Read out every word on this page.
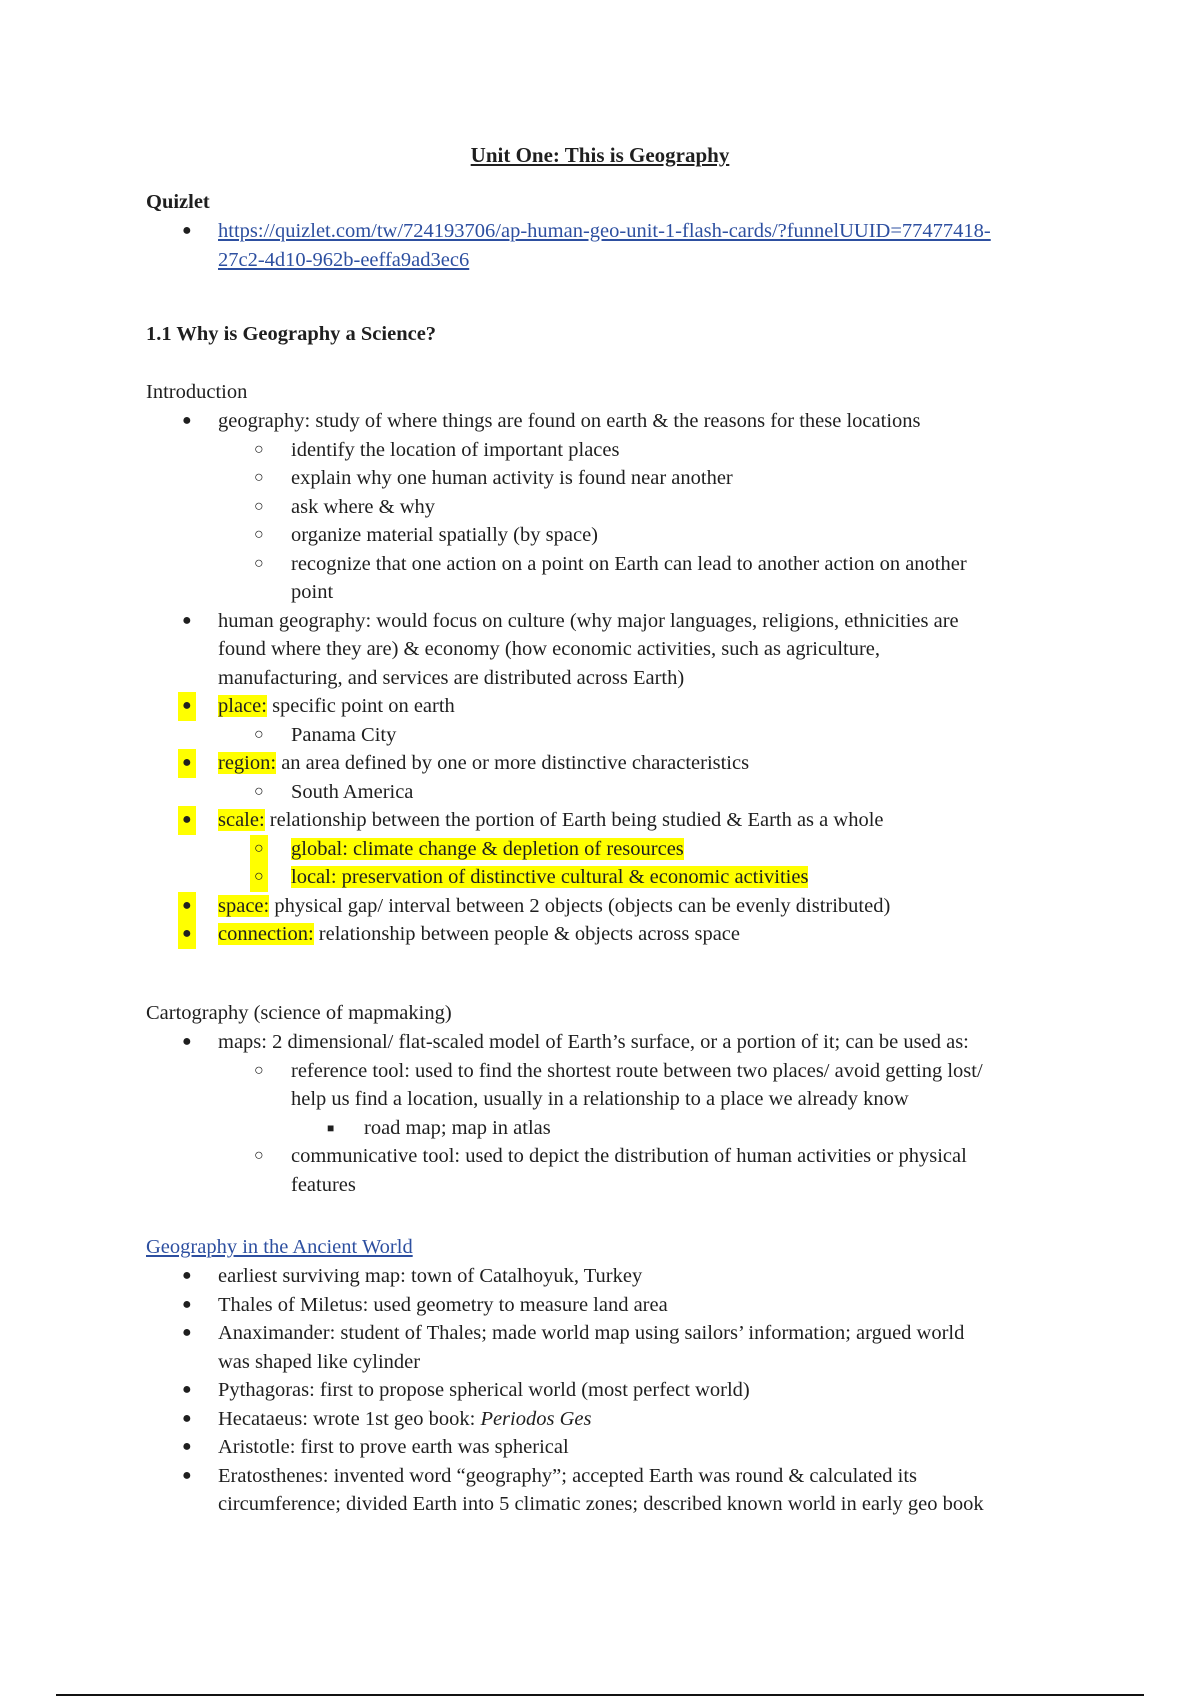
Unit One: This is Geography
Quizlet
● https://quizlet.com/tw/724193706/ap-human-geo-unit-1-flash-cards/?funnelUUID=77477418-
27c2-4d10-962b-eeffa9ad3ec6
1.1 Why is Geography a Science?
Introduction
● geography: study of where things are found on earth & the reasons for these locations
○ identify the location of important places
○ explain why one human activity is found near another
○ ask where & why
○ organize material spatially (by space)
○ recognize that one action on a point on Earth can lead to another action on another
point
● human geography: would focus on culture (why major languages, religions, ethnicities are
found where they are) & economy (how economic activities, such as agriculture,
manufacturing, and services are distributed across Earth)
● place: specific point on earth
○ Panama City
● region: an area defined by one or more distinctive characteristics
○ South America
● scale: relationship between the portion of Earth being studied & Earth as a whole
○ global: climate change & depletion of resources
○ local: preservation of distinctive cultural & economic activities
● space: physical gap/ interval between 2 objects (objects can be evenly distributed)
● connection: relationship between people & objects across space
Cartography (science of mapmaking)
● maps: 2 dimensional/ flat-scaled model of Earth’s surface, or a portion of it; can be used as:
○ reference tool: used to find the shortest route between two places/ avoid getting lost/
help us find a location, usually in a relationship to a place we already know
■ road map; map in atlas
○ communicative tool: used to depict the distribution of human activities or physical
features
Geography in the Ancient World
● earliest surviving map: town of Catalhoyuk, Turkey
● Thales of Miletus: used geometry to measure land area
● Anaximander: student of Thales; made world map using sailors’ information; argued world
was shaped like cylinder
● Pythagoras: first to propose spherical world (most perfect world)
● Hecataeus: wrote 1st geo book: Periodos Ges
● Aristotle: first to prove earth was spherical
● Eratosthenes: invented word “geography”; accepted Earth was round & calculated its
circumference; divided Earth into 5 climatic zones; described known world in early geo book
